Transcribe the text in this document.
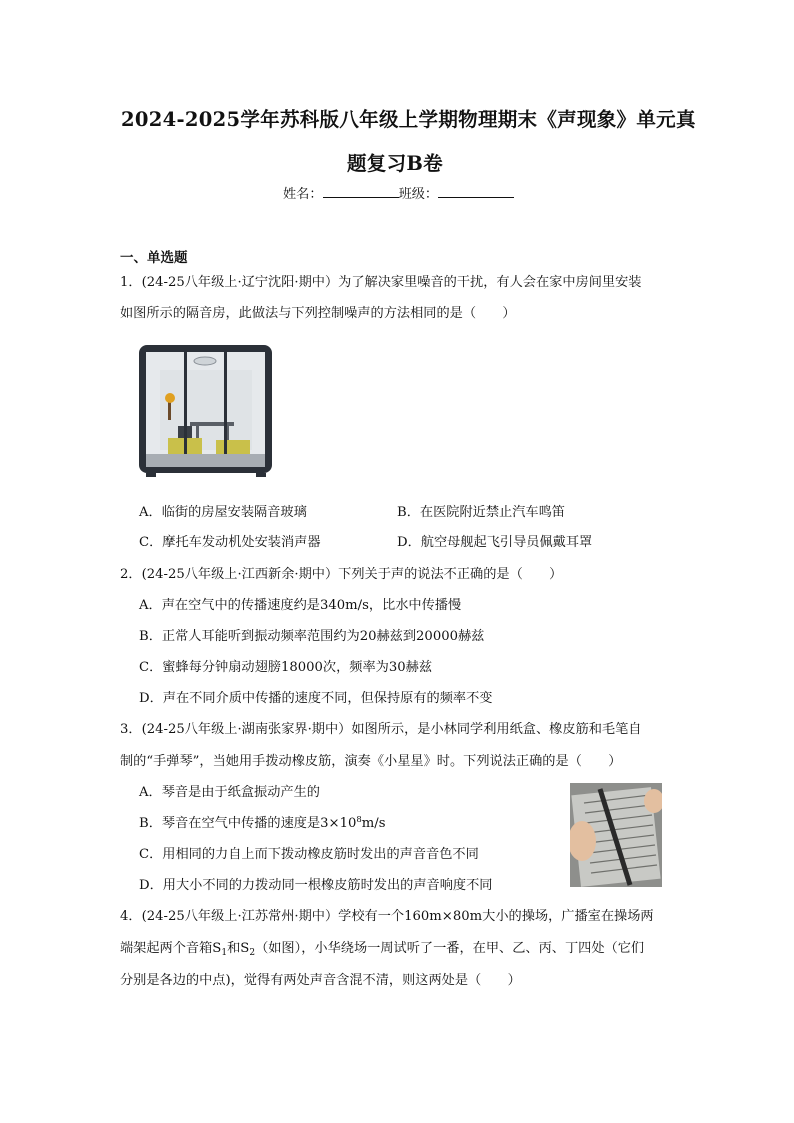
2024-2025学年苏科版八年级上学期物理期末《声现象》单元真
题复习B卷
姓名：	班级：
一、单选题
1．(24-25八年级上·辽宁沈阳·期中）为了解决家里噪音的干扰，有人会在家中房间里安装
如图所示的隔音房，此做法与下列控制噪声的方法相同的是（　　）
A．临街的房屋安装隔音玻璃	B．在医院附近禁止汽车鸣笛
C．摩托车发动机处安装消声器	D．航空母舰起飞引导员佩戴耳罩
2．(24-25八年级上·江西新余·期中）下列关于声的说法不正确的是（　　）
A．声在空气中的传播速度约是340m/s，比水中传播慢
B．正常人耳能听到振动频率范围约为20赫兹到20000赫兹
C．蜜蜂每分钟扇动翅膀18000次，频率为30赫兹
D．声在不同介质中传播的速度不同，但保持原有的频率不变
3．(24-25八年级上·湖南张家界·期中）如图所示，是小林同学利用纸盒、橡皮筋和毛笔自
制的“手弹琴”，当她用手拨动橡皮筋，演奏《小星星》时。下列说法正确的是（　　）
A．琴音是由于纸盒振动产生的
B．琴音在空气中传播的速度是$3\times 10^8m/s$
C．用相同的力自上而下拨动橡皮筋时发出的声音音色不同
D．用大小不同的力拨动同一根橡皮筋时发出的声音响度不同
4．(24-25八年级上·江苏常州·期中）学校有一个160m×80m大小的操场，广播室在操场两
端架起两个音箱$S_1$和$S_2$（如图），小华绕场一周试听了一番，在甲、乙、丙、丁四处（它们
分别是各边的中点)，觉得有两处声音含混不清，则这两处是（　　）
